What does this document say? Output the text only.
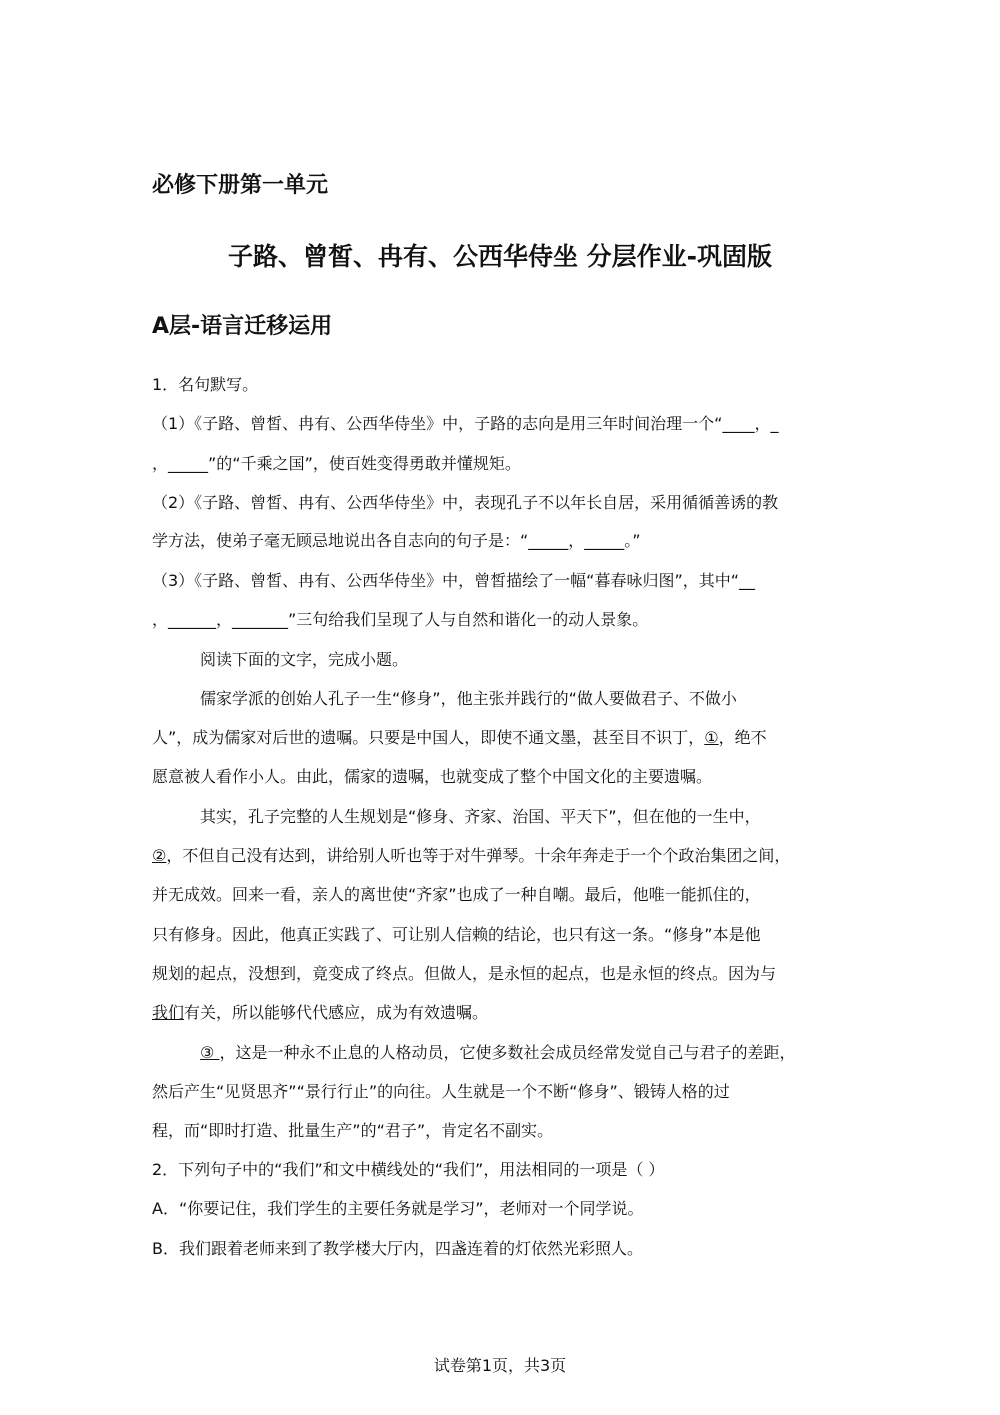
必修下册第一单元
子路、曾皙、冉有、公西华侍坐 分层作业-巩固版
A层-语言迁移运用
1．名句默写。
（1）《子路、曾皙、冉有、公西华侍坐》中，子路的志向是用三年时间治理一个“____，_
，_____”的“千乘之国”，使百姓变得勇敢并懂规矩。
（2）《子路、曾皙、冉有、公西华侍坐》中，表现孔子不以年长自居，采用循循善诱的教
学方法，使弟子毫无顾忌地说出各自志向的句子是：“_____，_____。”
（3）《子路、曾皙、冉有、公西华侍坐》中，曾皙描绘了一幅“暮春咏归图”，其中“__
，______，_______”三句给我们呈现了人与自然和谐化一的动人景象。
阅读下面的文字，完成小题。
儒家学派的创始人孔子一生“修身”，他主张并践行的“做人要做君子、不做小
人”，成为儒家对后世的遗嘱。只要是中国人，即使不通文墨，甚至目不识丁，①，绝不
愿意被人看作小人。由此，儒家的遗嘱，也就变成了整个中国文化的主要遗嘱。
其实，孔子完整的人生规划是“修身、齐家、治国、平天下”，但在他的一生中，
②，不但自己没有达到，讲给别人听也等于对牛弹琴。十余年奔走于一个个政治集团之间，
并无成效。回来一看，亲人的离世使“齐家”也成了一种自嘲。最后，他唯一能抓住的，
只有修身。因此，他真正实践了、可让别人信赖的结论，也只有这一条。“修身”本是他
规划的起点，没想到，竟变成了终点。但做人，是永恒的起点，也是永恒的终点。因为与
我们有关，所以能够代代感应，成为有效遗嘱。
③ ，这是一种永不止息的人格动员，它使多数社会成员经常发觉自己与君子的差距，
然后产生“见贤思齐”“景行行止”的向往。人生就是一个不断“修身”、锻铸人格的过
程，而“即时打造、批量生产”的“君子”，肯定名不副实。
2．下列句子中的“我们”和文中横线处的“我们”，用法相同的一项是（ ）
A．“你要记住，我们学生的主要任务就是学习”，老师对一个同学说。
B．我们跟着老师来到了教学楼大厅内，四盏连着的灯依然光彩照人。
试卷第1页，共3页
